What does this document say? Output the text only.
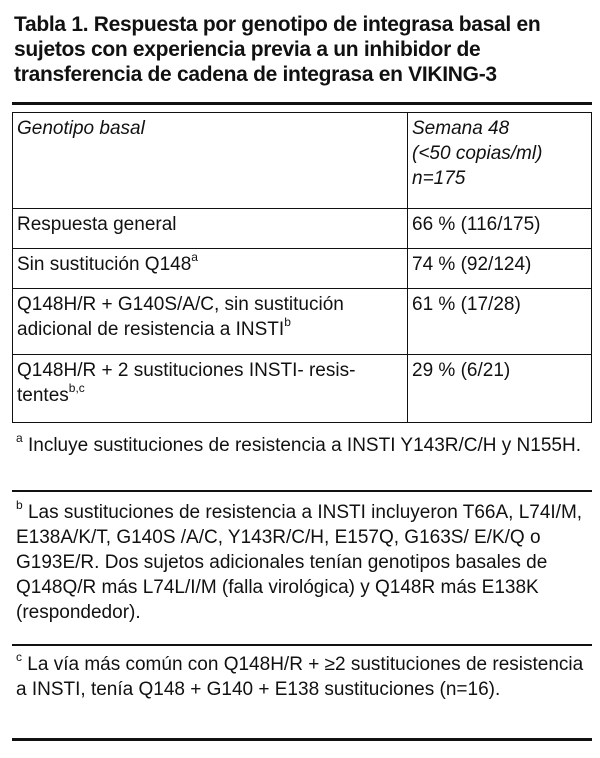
Tabla 1. Respuesta por genotipo de integrasa basal en sujetos con experiencia previa a un inhibidor de transferencia de cadena de integrasa en VIKING-3
Genotipo basal	Semana 48
(<50 copias/ml)
n=175

Respuesta general	66 % (116/175)
Sin sustitución Q148$^a$	74 % (92/124)

Q148H/R + G140S/A/C, sin sustitución
adicional de resistencia a INSTI$^b$	61 % (17/28)

Q148H/R + 2 sustituciones INSTI- resis-
tentes$^{b,c}$	29 % (6/21)
$^a$ Incluye sustituciones de resistencia a INSTI Y143R/C/H y N155H.
$^b$ Las sustituciones de resistencia a INSTI incluyeron T66A, L74I/M, E138A/K/T, G140S /A/C, Y143R/C/H, E157Q, G163S/ E/K/Q o G193E/R. Dos sujetos adicionales tenían genotipos basales de Q148Q/R más L74L/I/M (falla virológica) y Q148R más E138K (respondedor).
$^c$ La vía más común con Q148H/R + ≥2 sustituciones de resistencia a INSTI, tenía Q148 + G140 + E138 sustituciones (n=16).
